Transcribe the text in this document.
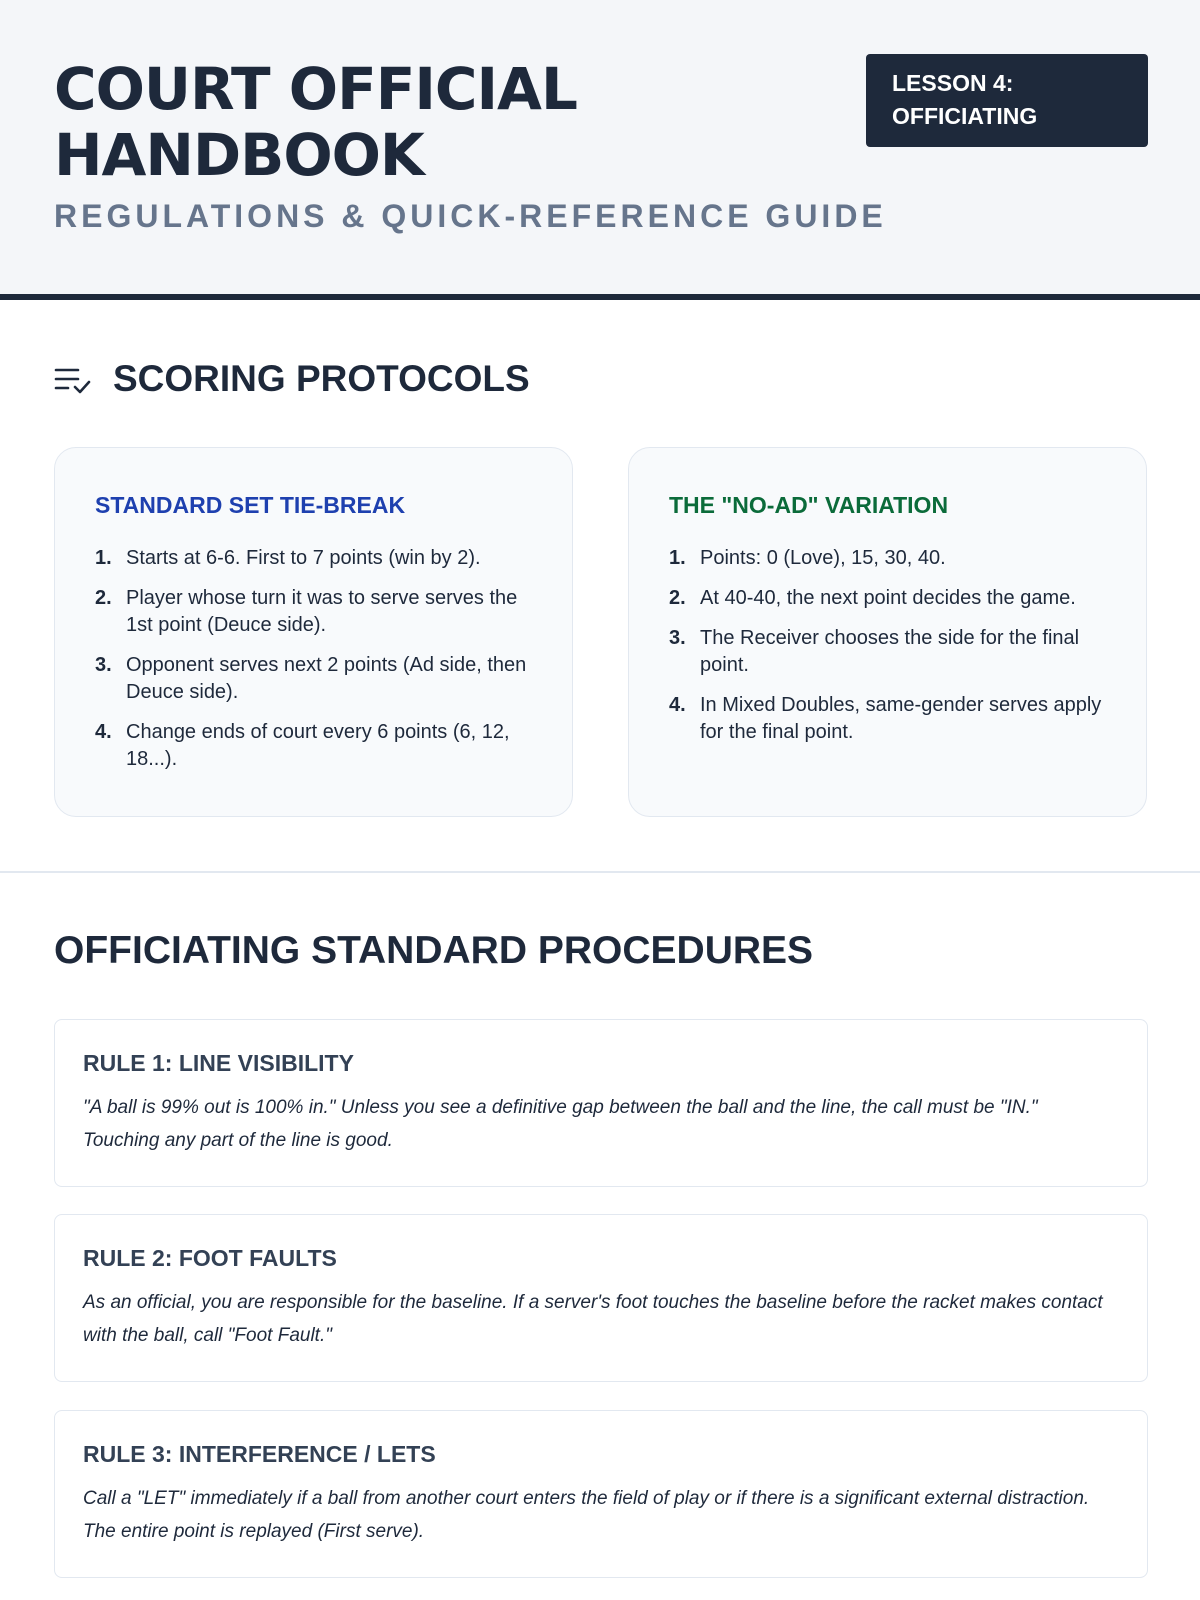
COURT OFFICIAL HANDBOOK
REGULATIONS & QUICK-REFERENCE GUIDE
LESSON 4: OFFICIATING
SCORING PROTOCOLS
STANDARD SET TIE-BREAK
1. Starts at 6-6. First to 7 points (win by 2).
2. Player whose turn it was to serve serves the 1st point (Deuce side).
3. Opponent serves next 2 points (Ad side, then Deuce side).
4. Change ends of court every 6 points (6, 12, 18...).
THE "NO-AD" VARIATION
1. Points: 0 (Love), 15, 30, 40.
2. At 40-40, the next point decides the game.
3. The Receiver chooses the side for the final point.
4. In Mixed Doubles, same-gender serves apply for the final point.
OFFICIATING STANDARD PROCEDURES
RULE 1: LINE VISIBILITY
"A ball is 99% out is 100% in." Unless you see a definitive gap between the ball and the line, the call must be "IN." Touching any part of the line is good.
RULE 2: FOOT FAULTS
As an official, you are responsible for the baseline. If a server's foot touches the baseline before the racket makes contact with the ball, call "Foot Fault."
RULE 3: INTERFERENCE / LETS
Call a "LET" immediately if a ball from another court enters the field of play or if there is a significant external distraction. The entire point is replayed (First serve).
